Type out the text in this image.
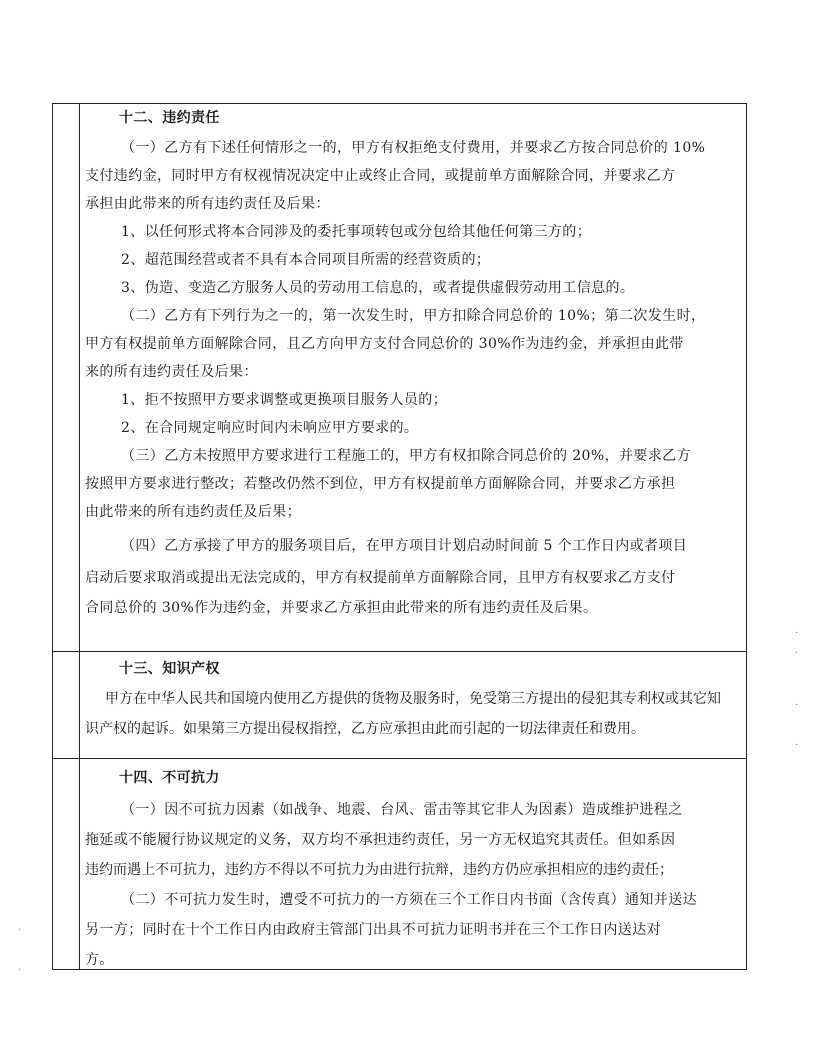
十二、违约责任
（一）乙方有下述任何情形之一的，甲方有权拒绝支付费用，并要求乙方按合同总价的 10%
支付违约金，同时甲方有权视情况决定中止或终止合同，或提前单方面解除合同，并要求乙方
承担由此带来的所有违约责任及后果：
1、以任何形式将本合同涉及的委托事项转包或分包给其他任何第三方的；
2、超范围经营或者不具有本合同项目所需的经营资质的；
3、伪造、变造乙方服务人员的劳动用工信息的，或者提供虚假劳动用工信息的。
（二）乙方有下列行为之一的，第一次发生时，甲方扣除合同总价的 10%；第二次发生时，
甲方有权提前单方面解除合同，且乙方向甲方支付合同总价的 30%作为违约金，并承担由此带
来的所有违约责任及后果：
1、拒不按照甲方要求调整或更换项目服务人员的；
2、在合同规定响应时间内未响应甲方要求的。
（三）乙方未按照甲方要求进行工程施工的，甲方有权扣除合同总价的 20%，并要求乙方
按照甲方要求进行整改；若整改仍然不到位，甲方有权提前单方面解除合同，并要求乙方承担
由此带来的所有违约责任及后果；
（四）乙方承接了甲方的服务项目后，在甲方项目计划启动时间前 5 个工作日内或者项目
启动后要求取消或提出无法完成的，甲方有权提前单方面解除合同，且甲方有权要求乙方支付
合同总价的 30%作为违约金，并要求乙方承担由此带来的所有违约责任及后果。
十三、知识产权
甲方在中华人民共和国境内使用乙方提供的货物及服务时，免受第三方提出的侵犯其专利权或其它知
识产权的起诉。如果第三方提出侵权指控，乙方应承担由此而引起的一切法律责任和费用。
十四、不可抗力
（一）因不可抗力因素（如战争、地震、台风、雷击等其它非人为因素）造成维护进程之
拖延或不能履行协议规定的义务，双方均不承担违约责任，另一方无权追究其责任。但如系因
违约而遇上不可抗力，违约方不得以不可抗力为由进行抗辩，违约方仍应承担相应的违约责任；
（二）不可抗力发生时，遭受不可抗力的一方须在三个工作日内书面（含传真）通知并送达
另一方；同时在十个工作日内由政府主管部门出具不可抗力证明书并在三个工作日内送达对
方。
·
·
·
·
·
·
